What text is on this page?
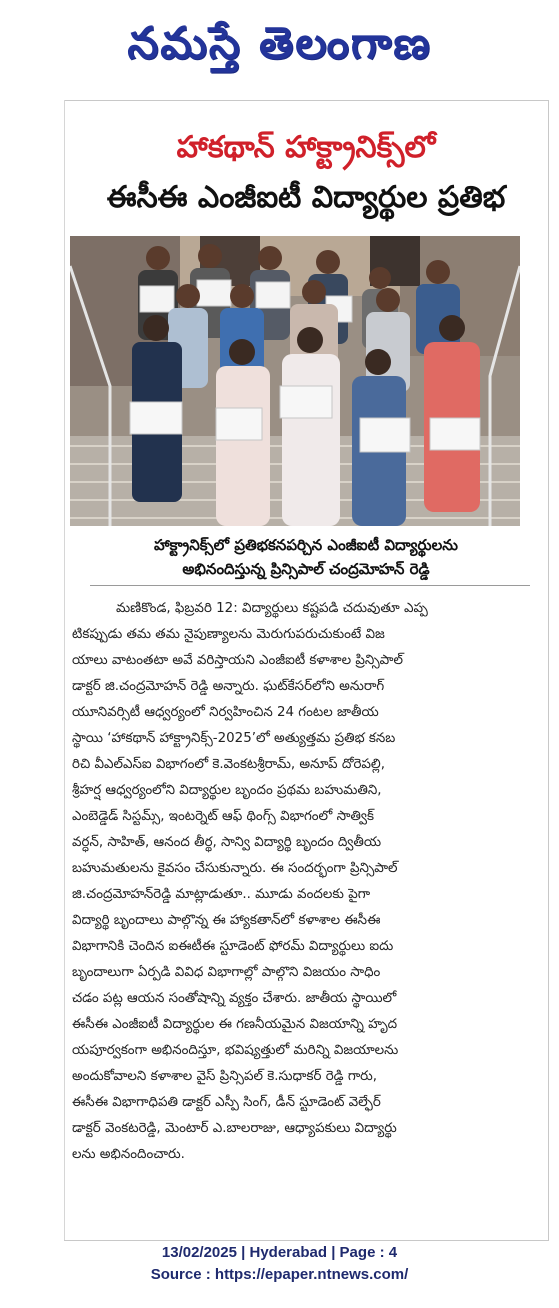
నమస్తే తెలంగాణ
హాకథాన్ హాక్ట్రానిక్స్‌లో
ఈసీఈ ఎంజీఐటీ విద్యార్థుల ప్రతిభ
హాక్ట్రానిక్స్‌లో ప్రతిభకనపర్చిన ఎంజీఐటీ విద్యార్థులను
అభినందిస్తున్న ప్రిన్సిపాల్ చంద్రమోహన్ రెడ్డి
మణికొండ, ఫిబ్రవరి 12: విద్యార్థులు కష్టపడి చదువుతూ ఎప్ప
టికప్పుడు తమ తమ నైపుణ్యాలను మెరుగుపరుచుకుంటే విజ
యాలు వాటంతటా అవే వరిస్తాయని ఎంజీఐటీ కళాశాల ప్రిన్సిపాల్
డాక్టర్ జి.చంద్రమోహన్ రెడ్డి అన్నారు. ఘట్‌కేసర్‌లోని అనురాగ్
యూనివర్సిటీ ఆధ్వర్యంలో నిర్వహించిన 24 గంటల జాతీయ
స్థాయి ‘హాకథాన్ హాక్ట్రానిక్స్-2025’లో అత్యుత్తమ ప్రతిభ కనబ
రిచి వీఎల్ఎస్ఐ విభాగంలో కె.వెంకటశ్రీరామ్, అనూప్ దోరెపల్లి,
శ్రీహర్ష ఆధ్వర్యంలోని విద్యార్థుల బృందం ప్రథమ బహుమతిని,
ఎంబెడ్డెడ్ సిస్టమ్స్, ఇంటర్నెట్ ఆఫ్ థింగ్స్ విభాగంలో సాత్విక్
వర్ధన్, సాహిత్, ఆనంద తీర్థ, సాన్వి విద్యార్థి బృందం ద్వితీయ
బహుమతులను కైవసం చేసుకున్నారు. ఈ సందర్భంగా ప్రిన్సిపాల్
జి.చంద్రమోహన్‌రెడ్డి మాట్లాడుతూ.. మూడు వందలకు పైగా
విద్యార్థి బృందాలు పాల్గొన్న ఈ హ్యాకతాన్‌లో కళాశాల ఈసీఈ
విభాగానికి చెందిన ఐఈటీఈ స్టూడెంట్ ఫోరమ్ విద్యార్థులు ఐదు
బృందాలుగా ఏర్పడి వివిధ విభాగాల్లో పాల్గొని విజయం సాధిం
చడం పట్ల ఆయన సంతోషాన్ని వ్యక్తం చేశారు. జాతీయ స్థాయిలో
ఈసీఈ ఎంజీఐటీ విద్యార్థుల ఈ గణనీయమైన విజయాన్ని హృద
యపూర్వకంగా అభినందిస్తూ, భవిష్యత్తులో మరిన్ని విజయాలను
అందుకోవాలని కళాశాల వైస్ ప్రిన్సిపల్ కె.సుధాకర్ రెడ్డి గారు,
ఈసీఈ విభాగాధిపతి డాక్టర్ ఎస్పీ సింగ్, డీన్ స్టూడెంట్ వెల్ఫేర్
డాక్టర్ వెంకటరెడ్డి, మెంటార్ ఎ.బాలరాజు, ఆధ్యాపకులు విద్యార్థు
లను అభినందించారు.
13/02/2025 | Hyderabad | Page : 4
Source : https://epaper.ntnews.com/
